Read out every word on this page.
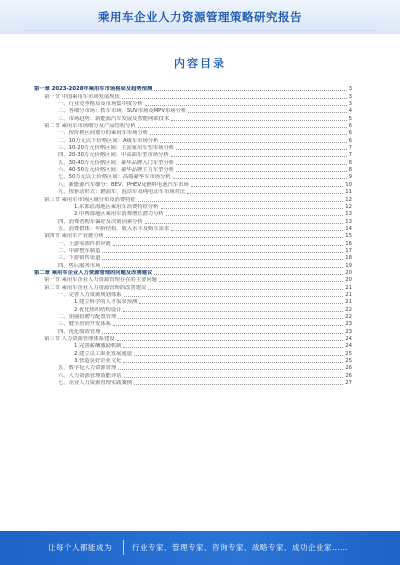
乘用车企业人力资源管理策略研究报告
内容目录
第一章 2023-2028年乘用车市场格局及趋势预测	3
第一节 中国乘用车市场发展现状	3
一、行业竞争格局及市场集中度分析	3
二、各细分市场：轿车市场、SUV市场及MPV市场分析	4
三、市场趋势：新能源汽车发展及智能网联技术	5
第二节 乘用车市场细分及产品结构分析	6
一、按价格区间划分的乘用车市场分析	6
二、10万元以下价格区间：A级车市场分析	6
三、10-20万元价格区间：主流家用车型市场分析	7
四、20-30万元价格区间：中高端车型市场分析	7
五、30-40万元价格区间：豪华品牌入门车型分析	8
六、40-50万元价格区间：豪华品牌主力车型分析	8
七、50万元以上价格区间：高端豪华车市场分析	9
八、新能源汽车细分：BEV、PHEV及燃料电池汽车市场	10
九、按驱动形式：燃油车、混动车及纯电动车市场对比	11
第三节 乘用车市场区域分布及消费特征	12
1.东部沿海地区乘用车消费特征分析	12
2.中西部地区乘用车消费增长潜力分析	13
四、消费者购车偏好及决策因素分析	13
五、消费群体：年龄结构、收入水平及购车需求	14
第四节 乘用车产业链分析	15
一、上游零部件供应链	16
二、中游整车制造	17
三、下游销售渠道	18
四、售后服务市场	19
第二章 乘用车企业人力资源管理的问题及改善建议	20
第一节 乘用车企业人力资源管理存在的主要问题	20
第二节 乘用车企业人力资源管理的改善建议	21
一、完善人力资源规划体系	21
1.建立科学的人才需求预测	21
2.优化组织结构设计	22
二、加强招聘与配置管理	22
三、健全培训开发体系	23
四、优化绩效管理	23
第三节 人力资源管理体系建设	24
1.完善薪酬激励机制	24
2.建立员工职业发展通道	25
3.营造良好企业文化	25
五、数字化人力资源管理	26
六、人力资源管理效能评估	26
七、企业人力资源管理实践案例	27
让每个人都能成为	行业专家、管理专家、咨询专家、战略专家、成功企业家……
